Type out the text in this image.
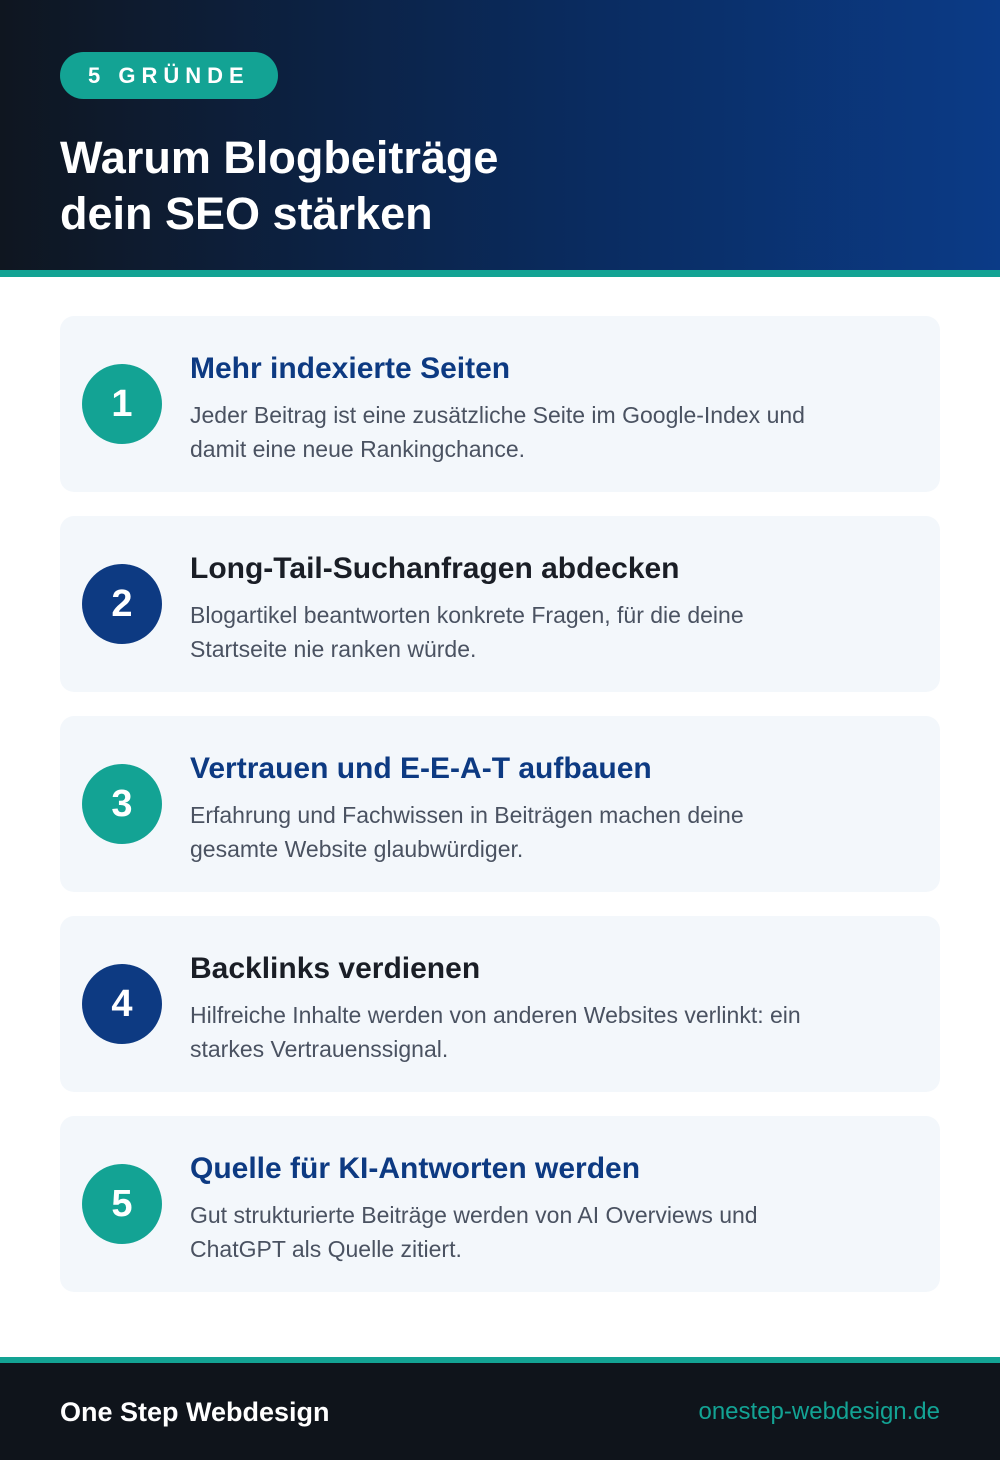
5 GRÜNDE
Warum Blogbeiträge
dein SEO stärken
1
Mehr indexierte Seiten
Jeder Beitrag ist eine zusätzliche Seite im Google-Index und damit eine neue Rankingchance.
2
Long-Tail-Suchanfragen abdecken
Blogartikel beantworten konkrete Fragen, für die deine Startseite nie ranken würde.
3
Vertrauen und E-E-A-T aufbauen
Erfahrung und Fachwissen in Beiträgen machen deine gesamte Website glaubwürdiger.
4
Backlinks verdienen
Hilfreiche Inhalte werden von anderen Websites verlinkt: ein starkes Vertrauenssignal.
5
Quelle für KI-Antworten werden
Gut strukturierte Beiträge werden von AI Overviews und ChatGPT als Quelle zitiert.
One Step Webdesign	onestep-webdesign.de
